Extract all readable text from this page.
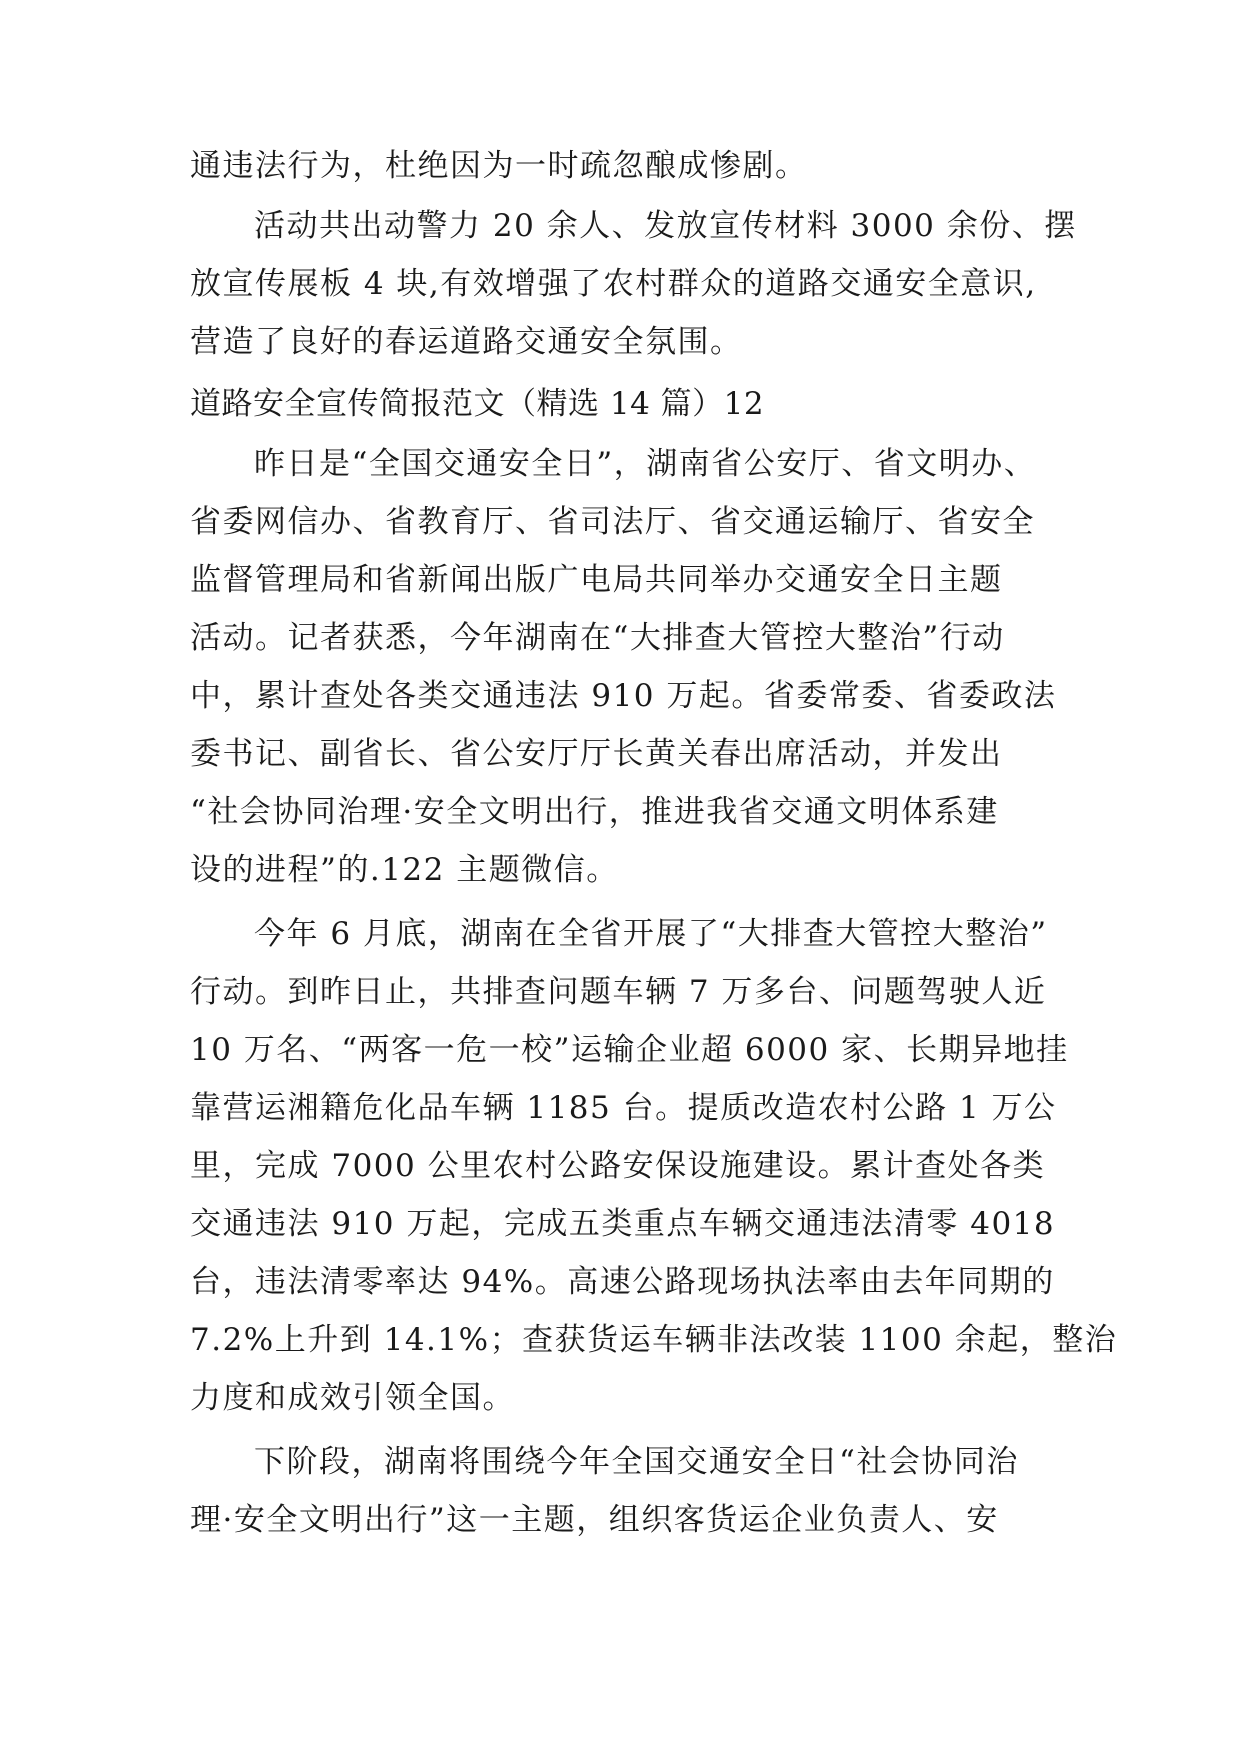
通违法行为，杜绝因为一时疏忽酿成惨剧。
活动共出动警力 20 余人、发放宣传材料 3000 余份、摆
放宣传展板 4 块,有效增强了农村群众的道路交通安全意识,
营造了良好的春运道路交通安全氛围。
道路安全宣传简报范文（精选 14 篇）12
昨日是“全国交通安全日”，湖南省公安厅、省文明办、
省委网信办、省教育厅、省司法厅、省交通运输厅、省安全
监督管理局和省新闻出版广电局共同举办交通安全日主题
活动。记者获悉，今年湖南在“大排查大管控大整治”行动
中，累计查处各类交通违法 910 万起。省委常委、省委政法
委书记、副省长、省公安厅厅长黄关春出席活动，并发出
“社会协同治理·安全文明出行，推进我省交通文明体系建
设的进程”的.122 主题微信。
今年 6 月底，湖南在全省开展了“大排查大管控大整治”
行动。到昨日止，共排查问题车辆 7 万多台、问题驾驶人近
10 万名、“两客一危一校”运输企业超 6000 家、长期异地挂
靠营运湘籍危化品车辆 1185 台。提质改造农村公路 1 万公
里，完成 7000 公里农村公路安保设施建设。累计查处各类
交通违法 910 万起，完成五类重点车辆交通违法清零 4018
台，违法清零率达 94%。高速公路现场执法率由去年同期的
7.2%上升到 14.1%；查获货运车辆非法改装 1100 余起，整治
力度和成效引领全国。
下阶段，湖南将围绕今年全国交通安全日“社会协同治
理·安全文明出行”这一主题，组织客货运企业负责人、安
